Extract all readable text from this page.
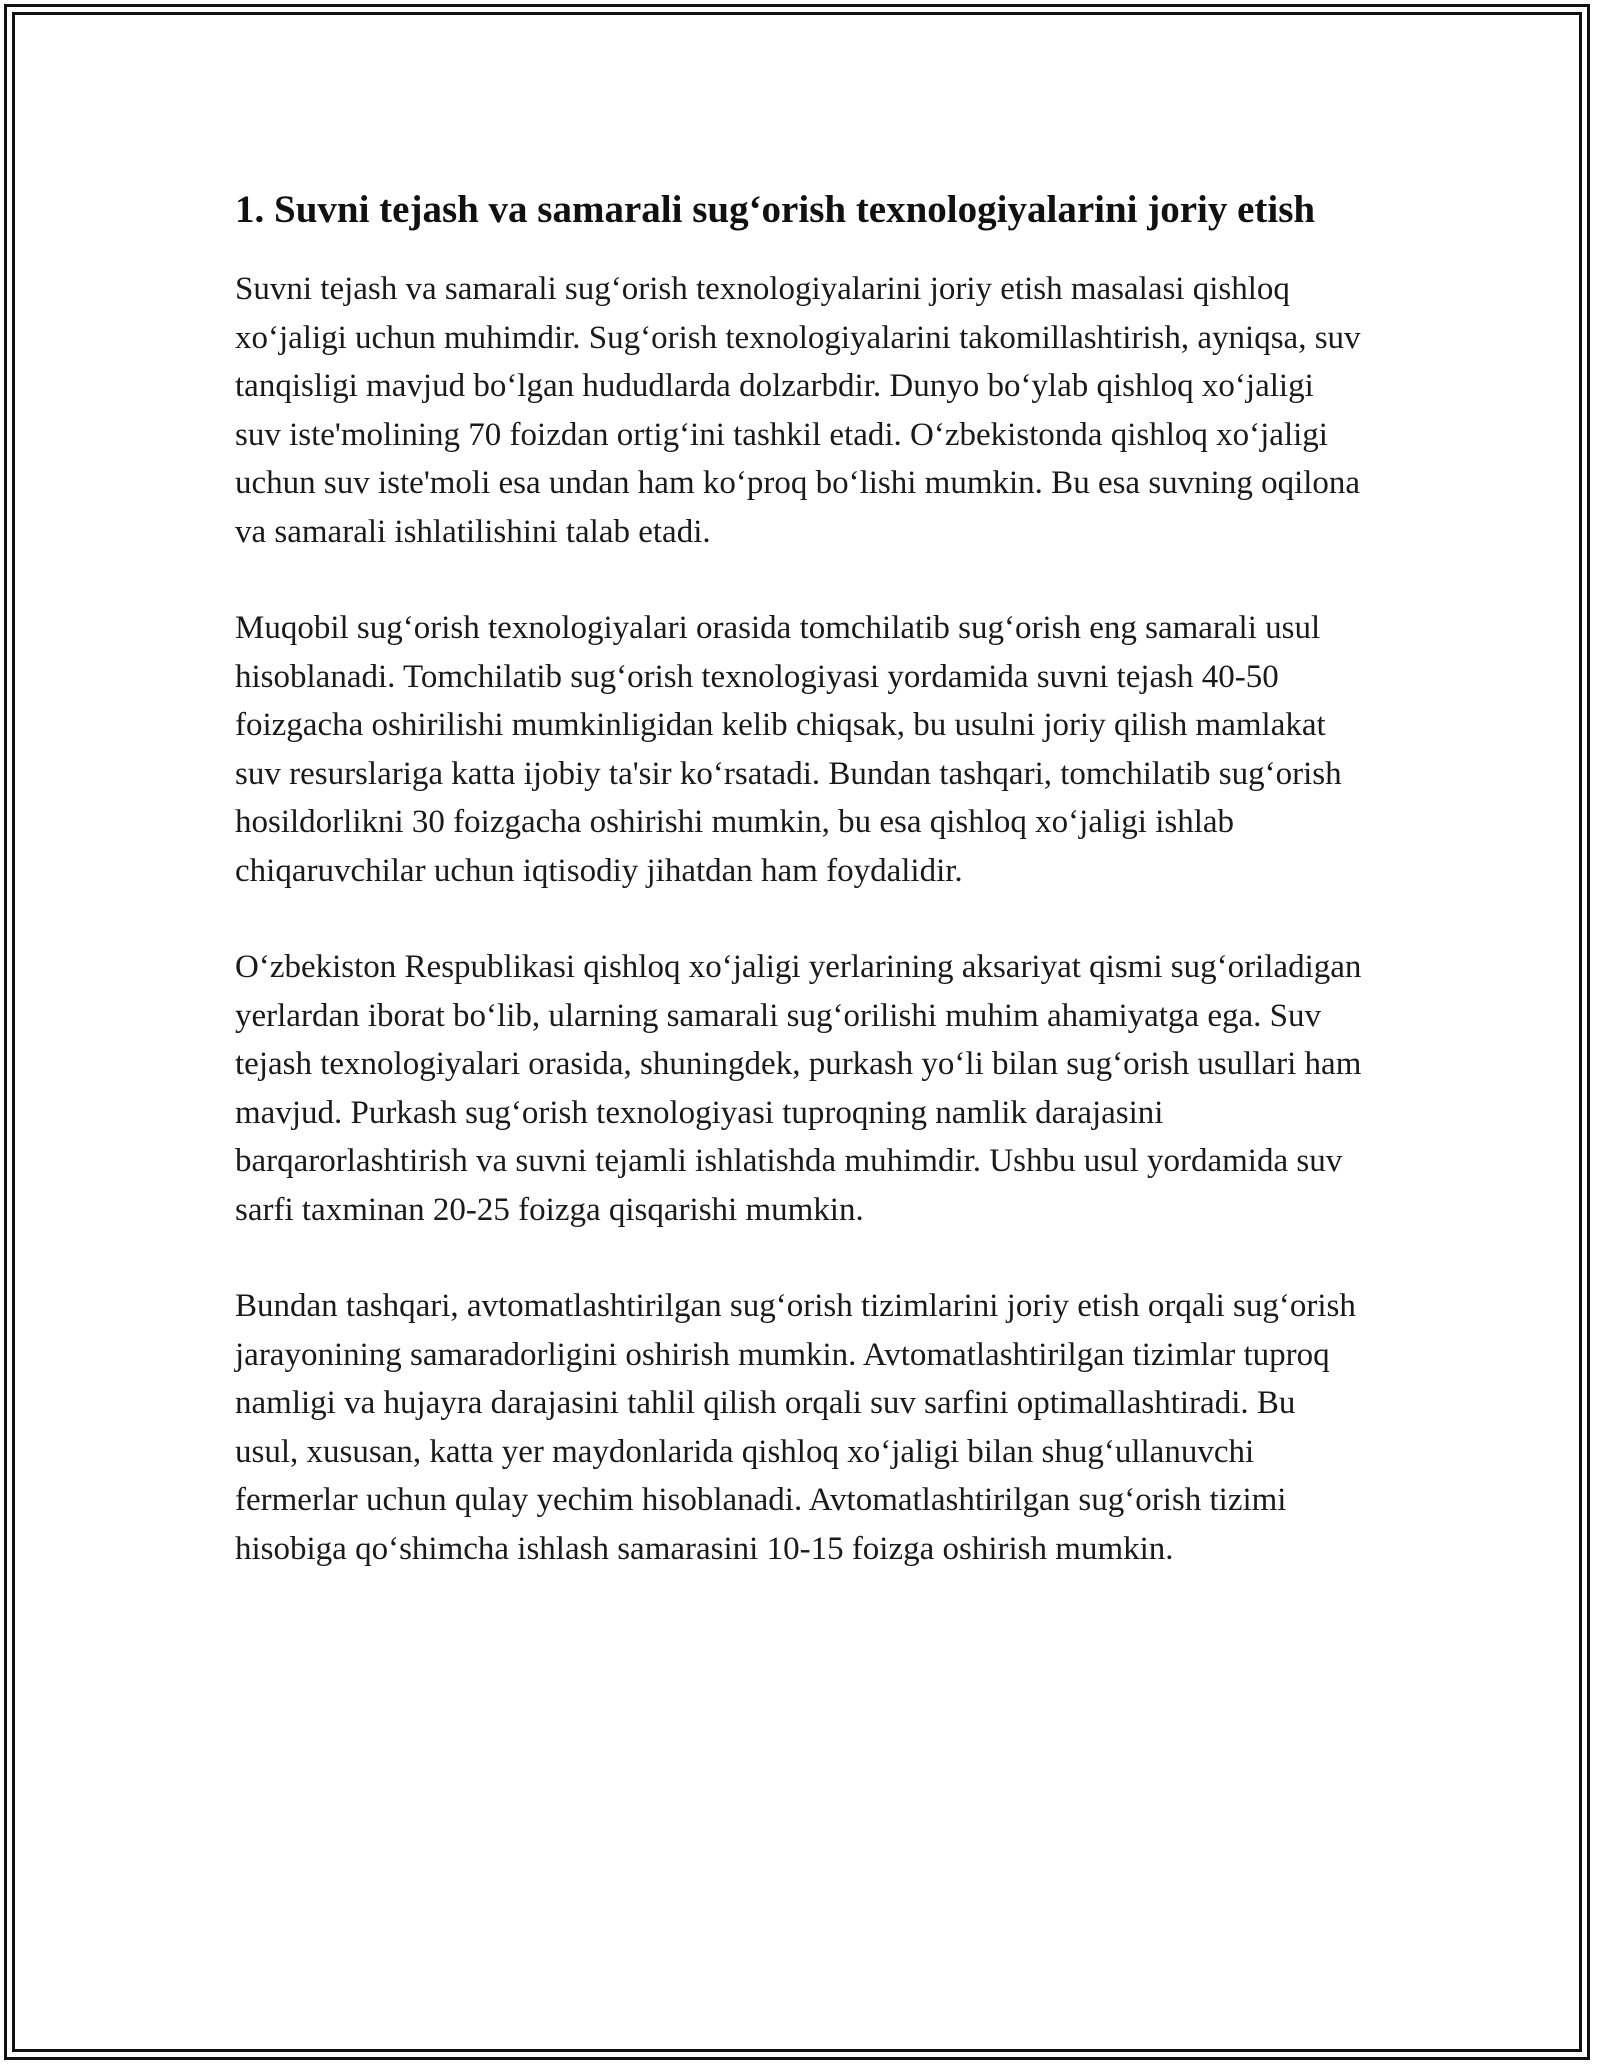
1. Suvni tejash va samarali sug‘orish texnologiyalarini joriy etish

Suvni tejash va samarali sug‘orish texnologiyalarini joriy etish masalasi qishloq xo‘jaligi uchun muhimdir. Sug‘orish texnologiyalarini takomillashtirish, ayniqsa, suv tanqisligi mavjud bo‘lgan hududlarda dolzarbdir. Dunyo bo‘ylab qishloq xo‘jaligi suv iste'molining 70 foizdan ortig‘ini tashkil etadi. O‘zbekistonda qishloq xo‘jaligi uchun suv iste'moli esa undan ham ko‘proq bo‘lishi mumkin. Bu esa suvning oqilona va samarali ishlatilishini talab etadi.

Muqobil sug‘orish texnologiyalari orasida tomchilatib sug‘orish eng samarali usul hisoblanadi. Tomchilatib sug‘orish texnologiyasi yordamida suvni tejash 40-50 foizgacha oshirilishi mumkinligidan kelib chiqsak, bu usulni joriy qilish mamlakat suv resurslariga katta ijobiy ta'sir ko‘rsatadi. Bundan tashqari, tomchilatib sug‘orish hosildorlikni 30 foizgacha oshirishi mumkin, bu esa qishloq xo‘jaligi ishlab chiqaruvchilar uchun iqtisodiy jihatdan ham foydalidir.

O‘zbekiston Respublikasi qishloq xo‘jaligi yerlarining aksariyat qismi sug‘oriladigan yerlardan iborat bo‘lib, ularning samarali sug‘orilishi muhim ahamiyatga ega. Suv tejash texnologiyalari orasida, shuningdek, purkash yo‘li bilan sug‘orish usullari ham mavjud. Purkash sug‘orish texnologiyasi tuproqning namlik darajasini barqarorlashtirish va suvni tejamli ishlatishda muhimdir. Ushbu usul yordamida suv sarfi taxminan 20-25 foizga qisqarishi mumkin.

Bundan tashqari, avtomatlashtirilgan sug‘orish tizimlarini joriy etish orqali sug‘orish jarayonining samaradorligini oshirish mumkin. Avtomatlashtirilgan tizimlar tuproq namligi va hujayra darajasini tahlil qilish orqali suv sarfini optimallashtiradi. Bu usul, xususan, katta yer maydonlarida qishloq xo‘jaligi bilan shug‘ullanuvchi fermerlar uchun qulay yechim hisoblanadi. Avtomatlashtirilgan sug‘orish tizimi hisobiga qo‘shimcha ishlash samarasini 10-15 foizga oshirish mumkin.
